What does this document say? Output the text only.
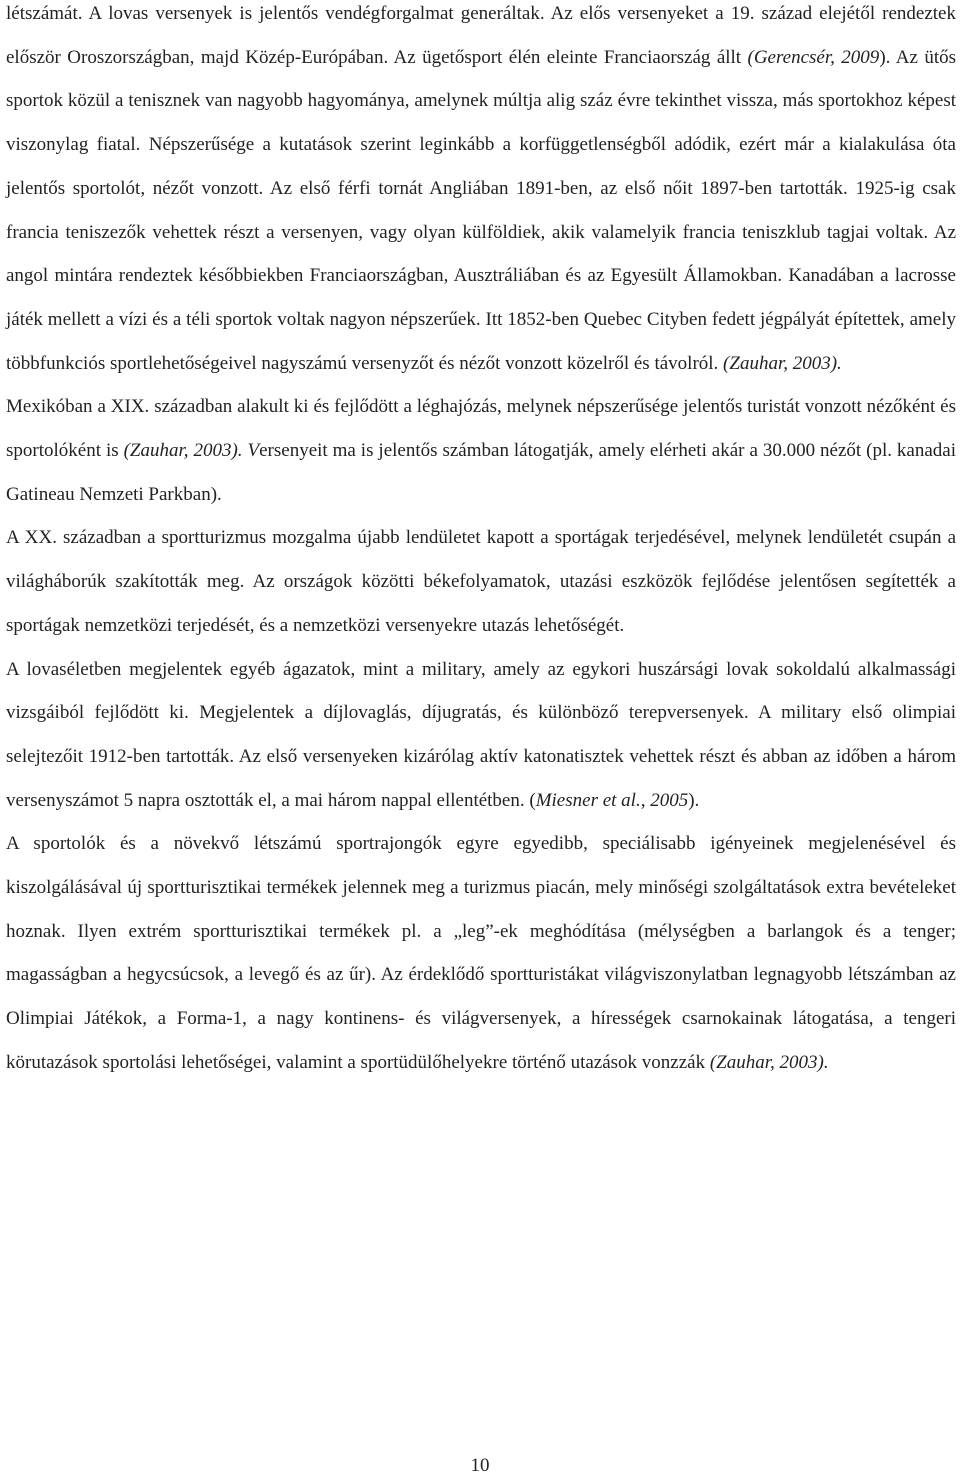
létszámát. A lovas versenyek is jelentős vendégforgalmat generáltak. Az elős versenyeket a 19. század elejétől rendeztek először Oroszországban, majd Közép-Európában. Az ügetősport élén eleinte Franciaország állt (Gerencsér, 2009). Az ütős sportok közül a tenisznek van nagyobb hagyománya, amelynek múltja alig száz évre tekinthet vissza, más sportokhoz képest viszonylag fiatal. Népszerűsége a kutatások szerint leginkább a korfüggetlenségből adódik, ezért már a kialakulása óta jelentős sportolót, nézőt vonzott. Az első férfi tornát Angliában 1891-ben, az első nőit 1897-ben tartották. 1925-ig csak francia teniszezők vehettek részt a versenyen, vagy olyan külföldiek, akik valamelyik francia teniszklub tagjai voltak. Az angol mintára rendeztek későbbiekben Franciaországban, Ausztráliában és az Egyesült Államokban. Kanadában a lacrosse játék mellett a vízi és a téli sportok voltak nagyon népszerűek. Itt 1852-ben Quebec Cityben fedett jégpályát építettek, amely többfunkciós sportlehetőségeivel nagyszámú versenyzőt és nézőt vonzott közelről és távolról. (Zauhar, 2003).

Mexikóban a XIX. században alakult ki és fejlődött a léghajózás, melynek népszerűsége jelentős turistát vonzott nézőként és sportolóként is (Zauhar, 2003). Versenyeit ma is jelentős számban látogatják, amely elérheti akár a 30.000 nézőt (pl. kanadai Gatineau Nemzeti Parkban).

A XX. században a sportturizmus mozgalma újabb lendületet kapott a sportágak terjedésével, melynek lendületét csupán a világháborúk szakították meg. Az országok közötti békefolyamatok, utazási eszközök fejlődése jelentősen segítették a sportágak nemzetközi terjedését, és a nemzetközi versenyekre utazás lehetőségét.

A lovaséletben megjelentek egyéb ágazatok, mint a military, amely az egykori huszársági lovak sokoldalú alkalmassági vizsgáiból fejlődött ki. Megjelentek a díjlovaglás, díjugratás, és különböző terepversenyek. A military első olimpiai selejtezőit 1912-ben tartották. Az első versenyeken kizárólag aktív katonatisztek vehettek részt és abban az időben a három versenyszámot 5 napra osztották el, a mai három nappal ellentétben. (Miesner et al., 2005).

A sportolók és a növekvő létszámú sportrajongók egyre egyedibb, speciálisabb igényeinek megjelenésével és kiszolgálásával új sportturisztikai termékek jelennek meg a turizmus piacán, mely minőségi szolgáltatások extra bevételeket hoznak. Ilyen extrém sportturisztikai termékek pl. a „leg”-ek meghódítása (mélységben a barlangok és a tenger; magasságban a hegycsúcsok, a levegő és az űr). Az érdeklődő sportturistákat világviszonylatban legnagyobb létszámban az Olimpiai Játékok, a Forma-1, a nagy kontinens- és világversenyek, a hírességek csarnokainak látogatása, a tengeri körutazások sportolási lehetőségei, valamint a sportüdülőhelyekre történő utazások vonzzák (Zauhar, 2003).

10
